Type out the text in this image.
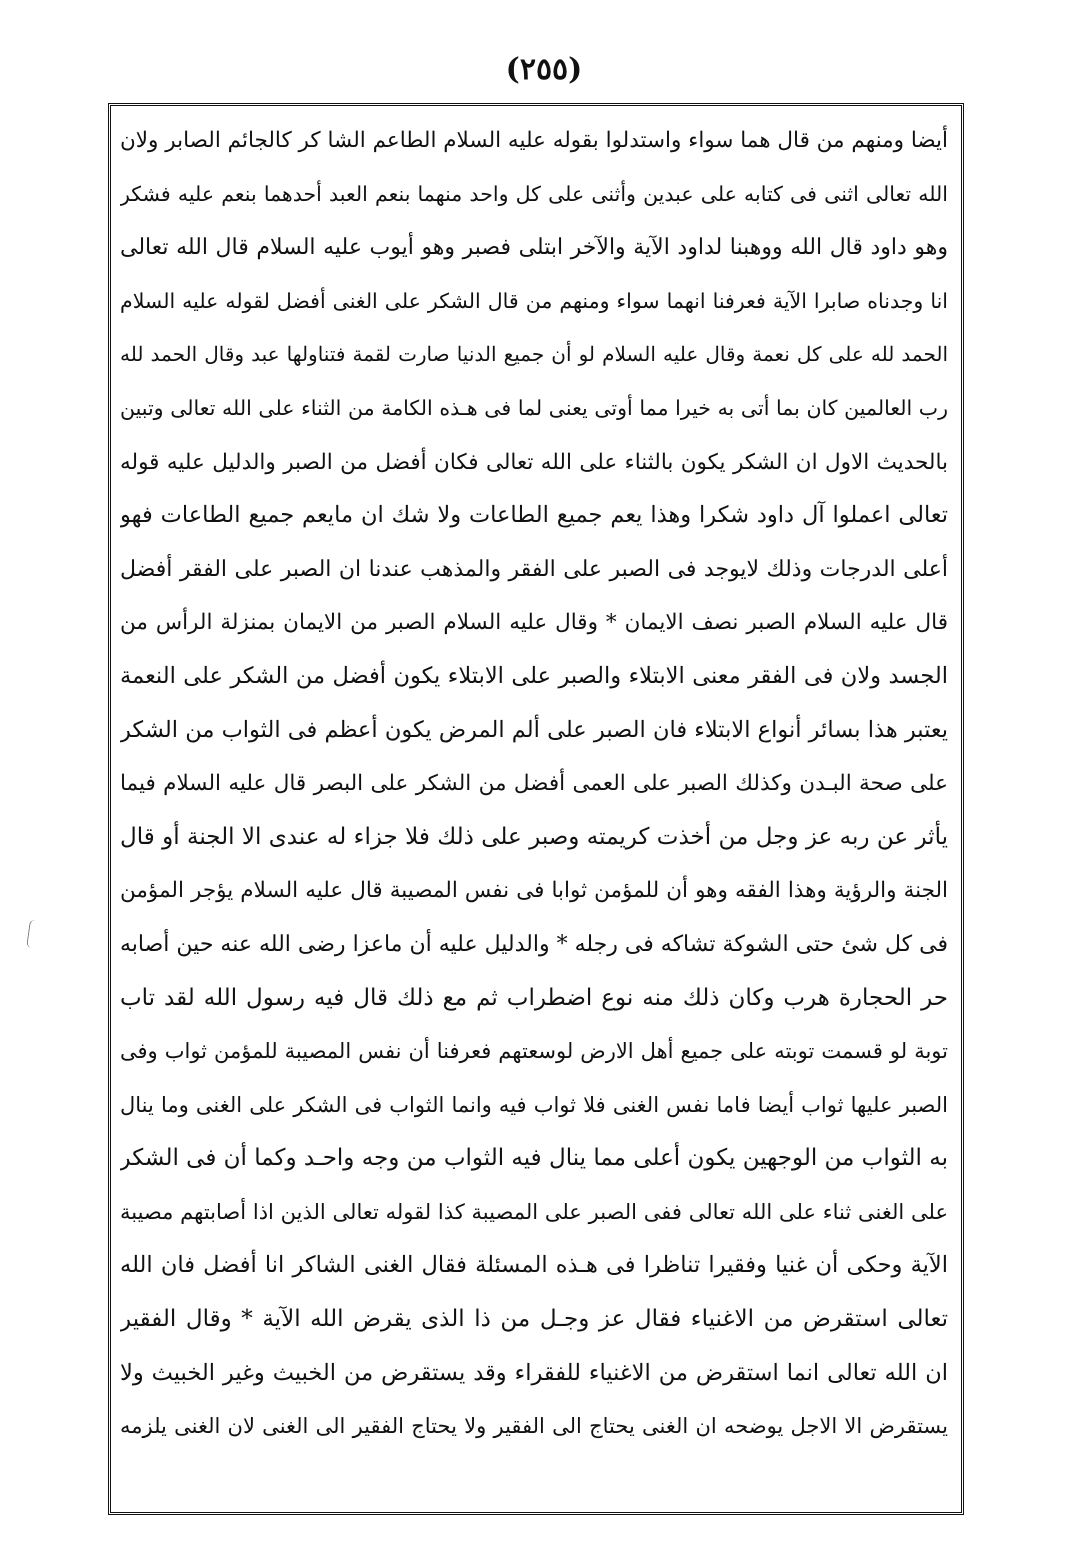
(٢٥٥)
أيضا ومنهم من قال هما سواء واستدلوا بقوله عليه السلام الطاعم الشا كر كالجائم الصابر ولان
الله تعالى اثنى فى كتابه على عبدين وأثنى على كل واحد منهما بنعم العبد أحدهما بنعم عليه فشكر
وهو داود قال الله ووهبنا لداود الآية والآخر ابتلى فصبر وهو أيوب عليه السلام قال الله تعالى
انا وجدناه صابرا الآية فعرفنا انهما سواء ومنهم من قال الشكر على الغنى أفضل لقوله عليه السلام
الحمد لله على كل نعمة وقال عليه السلام لو أن جميع الدنيا صارت لقمة فتناولها عبد وقال الحمد لله
رب العالمين كان بما أتى به خيرا مما أوتى يعنى لما فى هـذه الكامة من الثناء على الله تعالى وتبين
بالحديث الاول ان الشكر يكون بالثناء على الله تعالى فكان أفضل من الصبر والدليل عليه قوله
تعالى اعملوا آل داود شكرا وهذا يعم جميع الطاعات ولا شك ان مايعم جميع الطاعات فهو
أعلى الدرجات وذلك لايوجد فى الصبر على الفقر والمذهب عندنا ان الصبر على الفقر أفضل
قال عليه السلام الصبر نصف الايمان * وقال عليه السلام الصبر من الايمان بمنزلة الرأس من
الجسد ولان فى الفقر معنى الابتلاء والصبر على الابتلاء يكون أفضل من الشكر على النعمة
يعتبر هذا بسائر أنواع الابتلاء فان الصبر على ألم المرض يكون أعظم فى الثواب من الشكر
على صحة البـدن وكذلك الصبر على العمى أفضل من الشكر على البصر قال عليه السلام فيما
يأثر عن ربه عز وجل من أخذت كريمته وصبر على ذلك فلا جزاء له عندى الا الجنة أو قال
الجنة والرؤية وهذا الفقه وهو أن للمؤمن ثوابا فى نفس المصيبة قال عليه السلام يؤجر المؤمن
فى كل شئ حتى الشوكة تشاكه فى رجله * والدليل عليه أن ماعزا رضى الله عنه حين أصابه
حر الحجارة هرب وكان ذلك منه نوع اضطراب ثم مع ذلك قال فيه رسول الله لقد تاب
توبة لو قسمت توبته على جميع أهل الارض لوسعتهم فعرفنا أن نفس المصيبة للمؤمن ثواب وفى
الصبر عليها ثواب أيضا فاما نفس الغنى فلا ثواب فيه وانما الثواب فى الشكر على الغنى وما ينال
به الثواب من الوجهين يكون أعلى مما ينال فيه الثواب من وجه واحـد وكما أن فى الشكر
على الغنى ثناء على الله تعالى ففى الصبر على المصيبة كذا لقوله تعالى الذين اذا أصابتهم مصيبة
الآية وحكى أن غنيا وفقيرا تناظرا فى هـذه المسئلة فقال الغنى الشاكر انا أفضل فان الله
تعالى استقرض من الاغنياء فقال عز وجـل من ذا الذى يقرض الله الآية * وقال الفقير
ان الله تعالى انما استقرض من الاغنياء للفقراء وقد يستقرض من الخبيث وغير الخبيث ولا
يستقرض الا الاجل يوضحه ان الغنى يحتاج الى الفقير ولا يحتاج الفقير الى الغنى لان الغنى يلزمه
